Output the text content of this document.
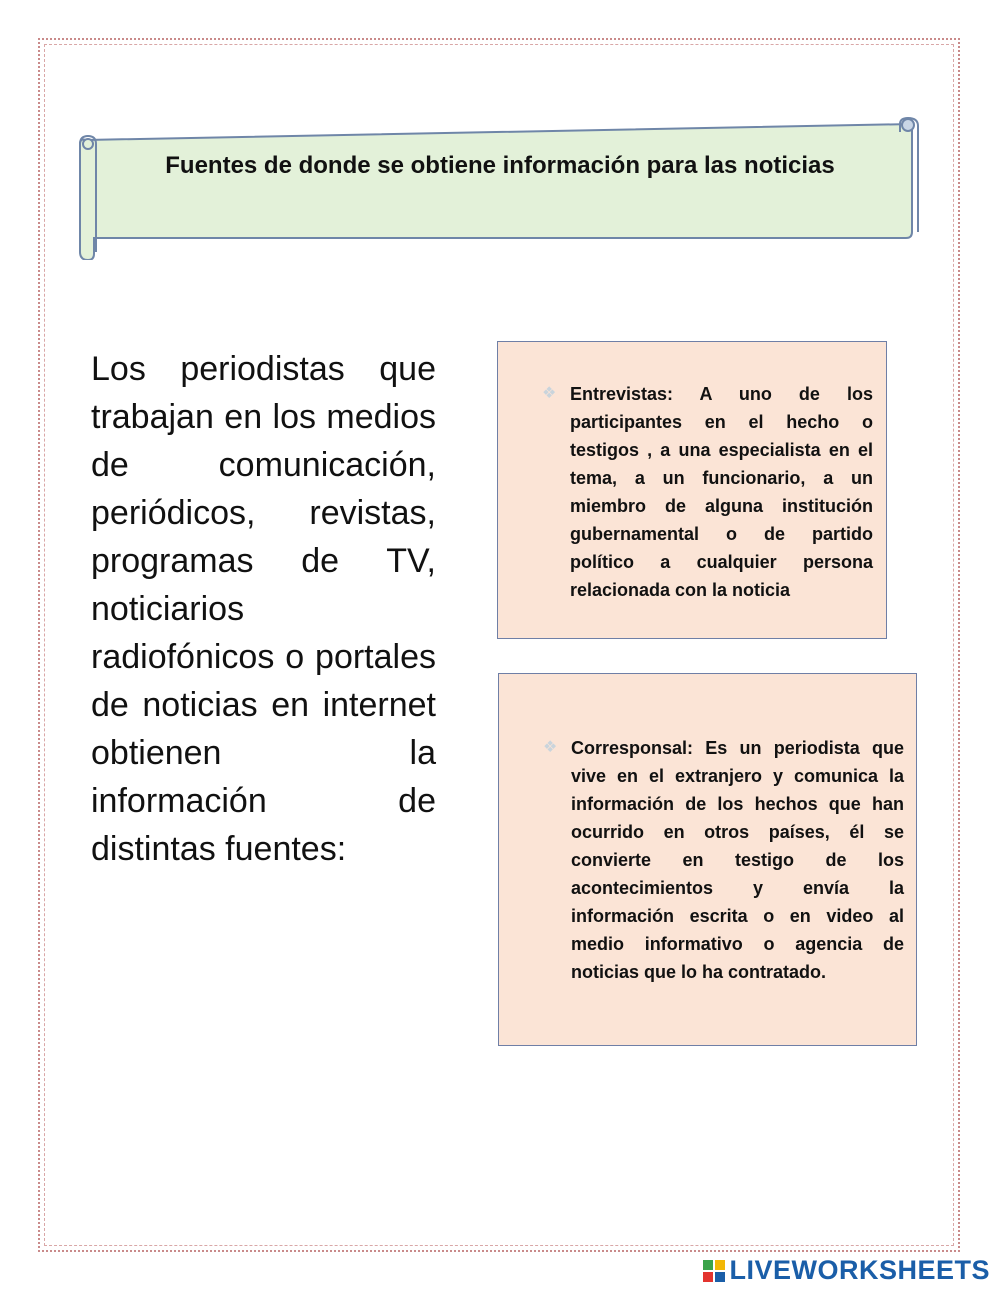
Fuentes de donde se obtiene información para las noticias
Los periodistas que trabajan en los medios de comunicación, periódicos, revistas, programas de TV, noticiarios radiofónicos o portales de noticias en internet obtienen la información de distintas fuentes:
❖ Entrevistas: A uno de los participantes en el hecho o testigos , a una especialista en el tema, a un funcionario, a un miembro de alguna institución gubernamental o de partido político a cualquier persona relacionada con la noticia
❖ Corresponsal: Es un periodista que vive en el extranjero y comunica la información de los hechos que han ocurrido en otros países, él se convierte en testigo de los acontecimientos y envía la información escrita o en video al medio informativo o agencia de noticias que lo ha contratado.
LIVEWORKSHEETS
